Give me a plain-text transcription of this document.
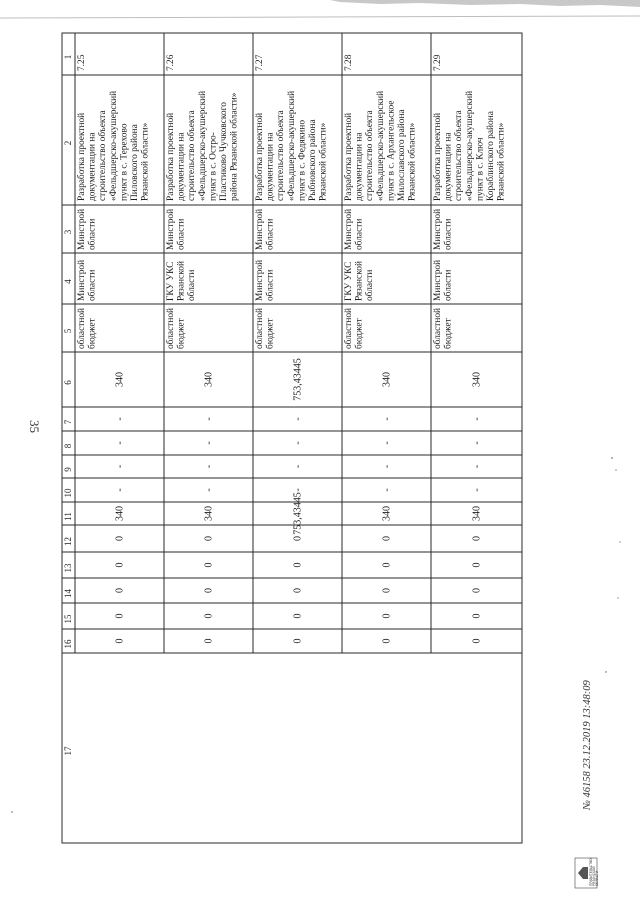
35
1
2
3
4
5
6
7
8
9
10
11
12
13
14
15
16
17
7.25
Разработка проектной документации на строительство объекта «Фельдшерско-акушерский пункт в с. Терехово Пиловского района Рязанской области»
Минстрой области
Минстрой области
областной бюджет
340
-
-
-
-
340
0
0
0
0
0
7.26
Разработка проектной документации на строительство объекта «Фельдшерско-акушерский пункт в с. Остро- Пластиково Чучковского района Рязанской области»
Минстрой области
ГКУ УКС Рязанской области
областной бюджет
340
-
-
-
-
340
0
0
0
0
0
7.27
Разработка проектной документации на строительство объекта «Фельдшерско-акушерский пункт в с. Федякино Рыбновского района Рязанской области»
Минстрой области
Минстрой области
областной бюджет
753,43445
-
-
-
-
753,43445
0
0
0
0
0
7.28
Разработка проектной документации на строительство объекта «Фельдшерско-акушерский пункт в с. Архангельское Милославского района Рязанской области»
Минстрой области
ГКУ УКС Рязанской области
областной бюджет
340
-
-
-
-
340
0
0
0
0
0
7.29
Разработка проектной документации на строительство объекта «Фельдшерско-акушерский пункт в с. Ключ Кораблинского района Рязанской области»
Минстрой области
Минстрой области
областной бюджет
340
-
-
-
-
340
0
0
0
0
0
ПРАВИТЕЛЬСТВО РЯЗАНСКОЙ ОБЛАСТИ
№ 46158 23.12.2019 13:48:09
